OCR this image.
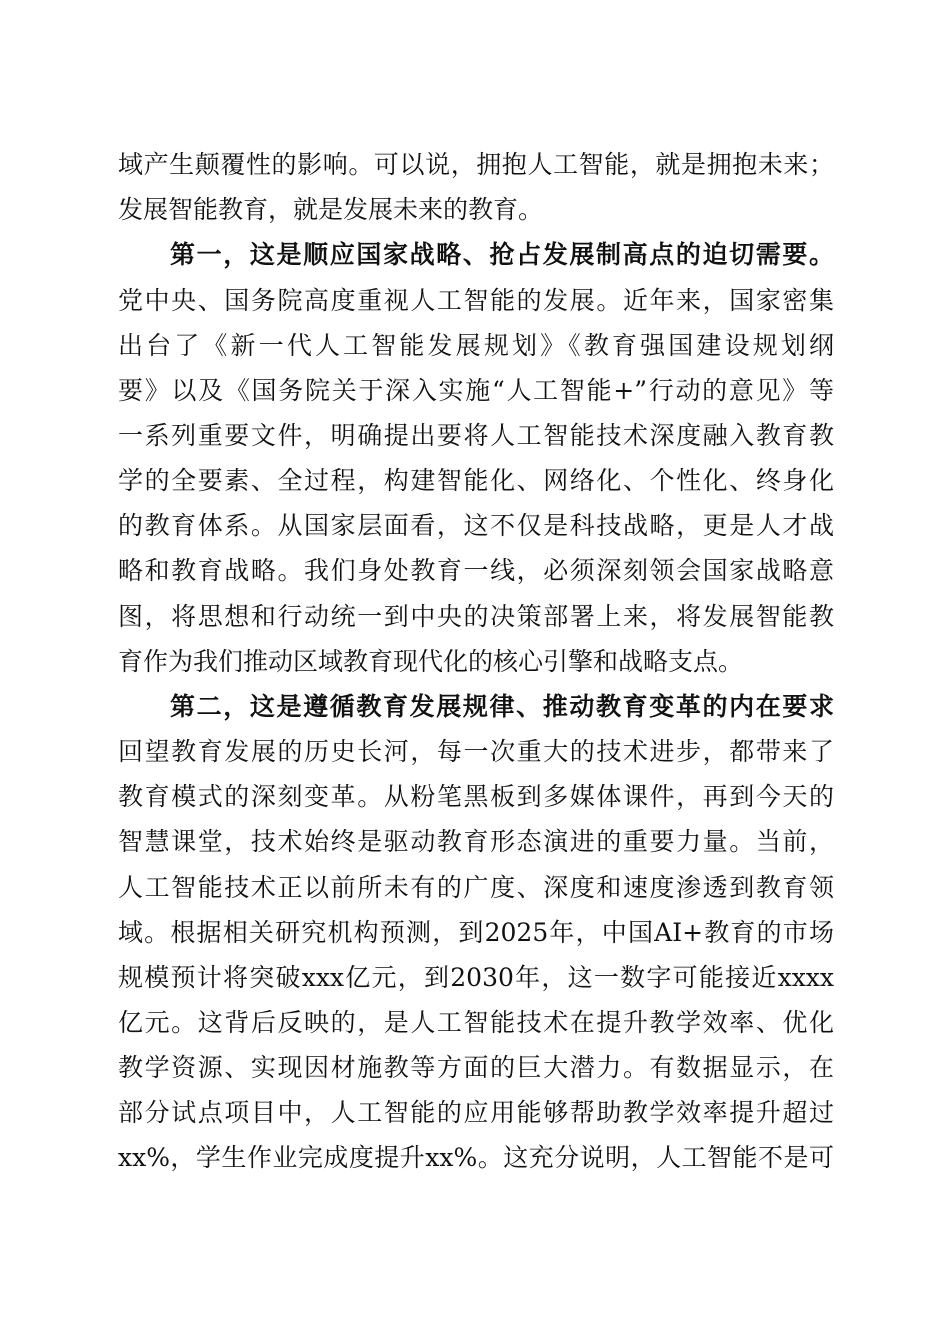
域产生颠覆性的影响。可以说，拥抱人工智能，就是拥抱未来；
发展智能教育，就是发展未来的教育。
第一，这是顺应国家战略、抢占发展制高点的迫切需要。
党中央、国务院高度重视人工智能的发展。近年来，国家密集
出台了《新一代人工智能发展规划》《教育强国建设规划纲
要》以及《国务院关于深入实施“人工智能+”行动的意见》等
一系列重要文件，明确提出要将人工智能技术深度融入教育教
学的全要素、全过程，构建智能化、网络化、个性化、终身化
的教育体系。从国家层面看，这不仅是科技战略，更是人才战
略和教育战略。我们身处教育一线，必须深刻领会国家战略意
图，将思想和行动统一到中央的决策部署上来，将发展智能教
育作为我们推动区域教育现代化的核心引擎和战略支点。
第二，这是遵循教育发展规律、推动教育变革的内在要求
回望教育发展的历史长河，每一次重大的技术进步，都带来了
教育模式的深刻变革。从粉笔黑板到多媒体课件，再到今天的
智慧课堂，技术始终是驱动教育形态演进的重要力量。当前，
人工智能技术正以前所未有的广度、深度和速度渗透到教育领
域。根据相关研究机构预测，到2025年，中国AI+教育的市场
规模预计将突破xxx亿元，到2030年，这一数字可能接近xxxx
亿元。这背后反映的，是人工智能技术在提升教学效率、优化
教学资源、实现因材施教等方面的巨大潜力。有数据显示，在
部分试点项目中，人工智能的应用能够帮助教学效率提升超过
xx%，学生作业完成度提升xx%。这充分说明，人工智能不是可
